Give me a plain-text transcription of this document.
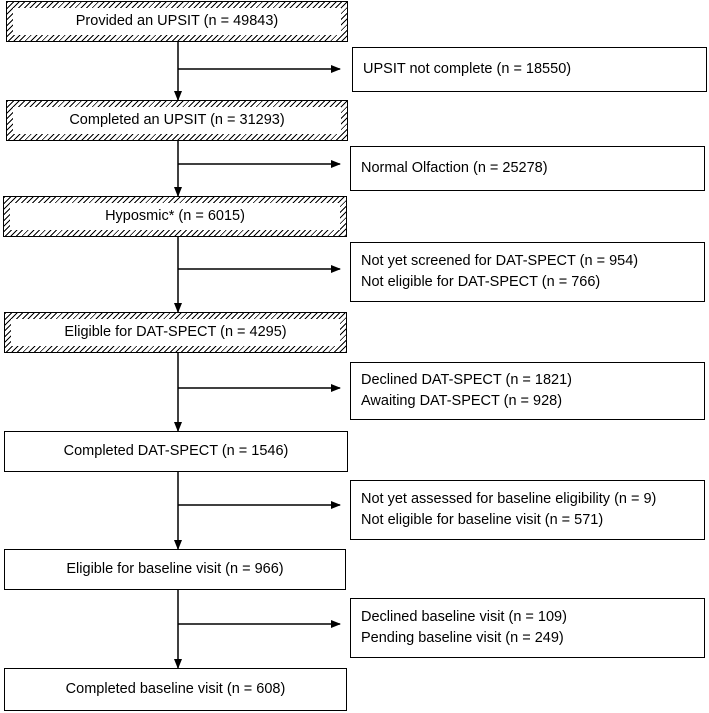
Provided an UPSIT (n = 49843)
Completed an UPSIT (n = 31293)
Hyposmic* (n = 6015)
Eligible for DAT-SPECT (n = 4295)
Completed DAT-SPECT (n = 1546)
Eligible for baseline visit (n = 966)
Completed baseline visit (n = 608)
UPSIT not complete (n = 18550)
Normal Olfaction (n = 25278)
Not yet screened for DAT-SPECT (n = 954)
Not eligible for DAT-SPECT (n = 766)
Declined DAT-SPECT (n = 1821)
Awaiting DAT-SPECT (n = 928)
Not yet assessed for baseline eligibility (n = 9)
Not eligible for baseline visit (n = 571)
Declined baseline visit (n = 109)
Pending baseline visit (n = 249)
